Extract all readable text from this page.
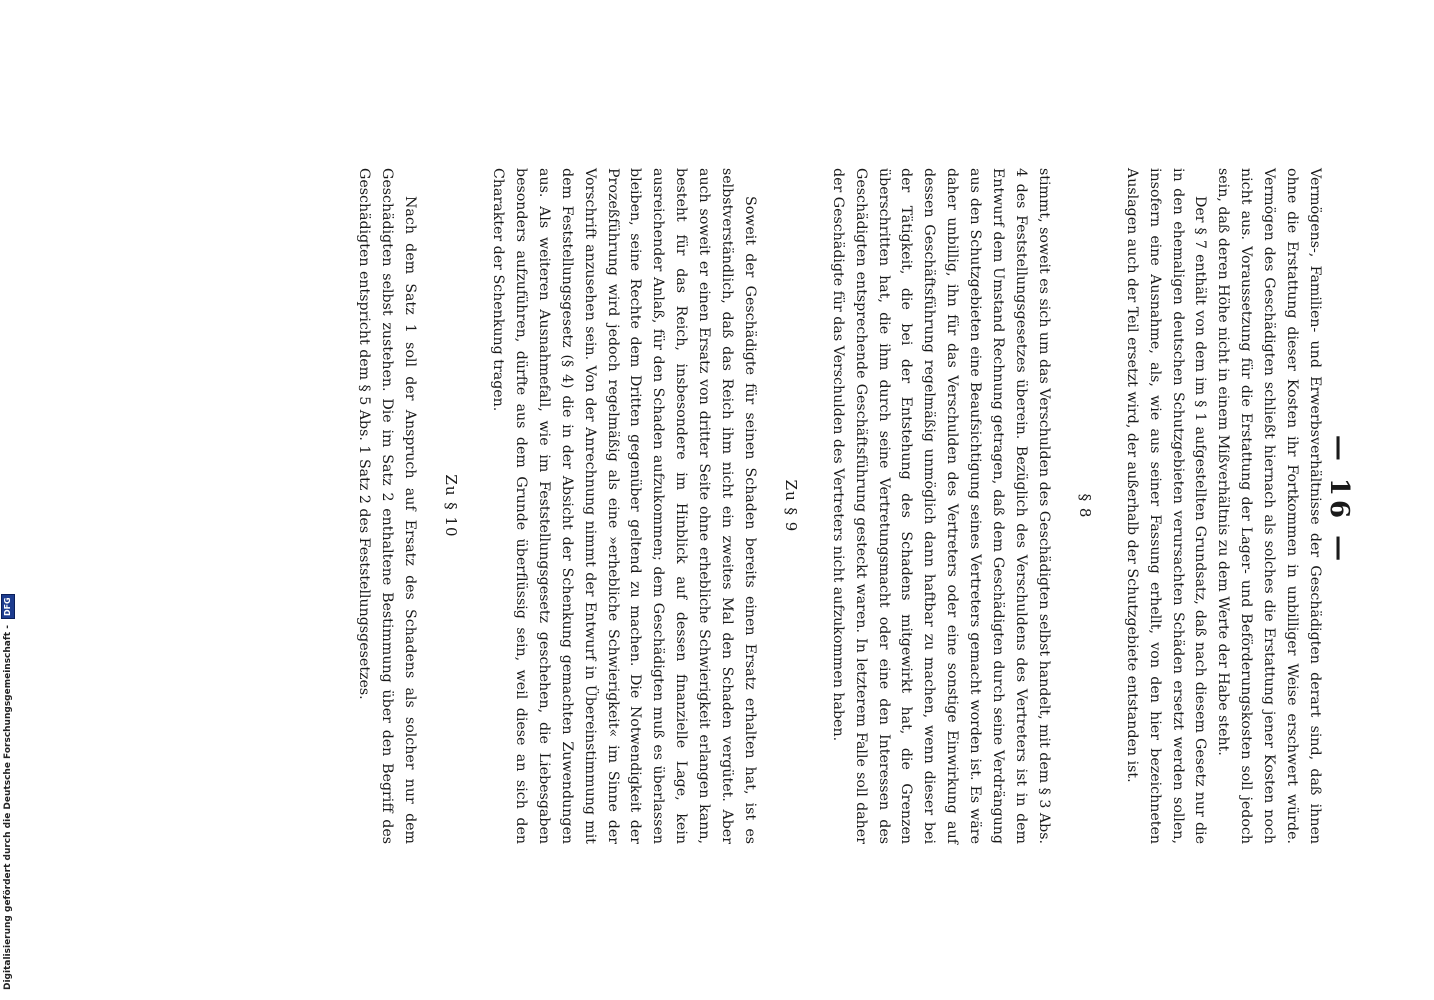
— 16 —

Vermögens-, Familien- und Erwerbsverhältnisse der Geschädigten derart sind, daß ihnen ohne die Erstattung dieser Kosten ihr Fortkommen in unbilliger Weise erschwert würde. Vermögen des Geschädigten schließt hiernach als solches die Erstattung jener Kosten noch nicht aus. Voraussetzung für die Erstattung der Lager- und Beförderungskosten soll jedoch sein, daß deren Höhe nicht in einem Mißverhältnis zu dem Werte der Habe steht.

Der § 7 enthält von dem im § 1 aufgestellten Grundsatz, daß nach diesem Gesetz nur die in den ehemaligen deutschen Schutzgebieten verursachten Schäden ersetzt werden sollen, insofern eine Ausnahme, als, wie aus seiner Fassung erhellt, von den hier bezeichneten Auslagen auch der Teil ersetzt wird, der außerhalb der Schutzgebiete entstanden ist.

§ 8

stimmt, soweit es sich um das Verschulden des Geschädigten selbst handelt, mit dem § 3 Abs. 4 des Feststellungsgesetzes überein. Bezüglich des Verschuldens des Vertreters ist in dem Entwurf dem Umstand Rechnung getragen, daß dem Geschädigten durch seine Verdrängung aus den Schutzgebieten eine Beaufsichtigung seines Vertreters gemacht worden ist. Es wäre daher unbillig, ihn für das Verschulden des Vertreters oder eine sonstige Einwirkung auf dessen Geschäftsführung regelmäßig unmöglich dann haftbar zu machen, wenn dieser bei der Tätigkeit, die bei der Entstehung des Schadens mitgewirkt hat, die Grenzen überschritten hat, die ihm durch seine Vertretungsmacht oder eine den Interessen des Geschädigten entsprechende Geschäftsführung gesteckt waren. In letzterem Falle soll daher der Geschädigte für das Verschulden des Vertreters nicht aufzukommen haben.

Zu § 9

Soweit der Geschädigte für seinen Schaden bereits einen Ersatz erhalten hat, ist es selbstverständlich, daß das Reich ihm nicht ein zweites Mal den Schaden vergütet. Aber auch soweit er einen Ersatz von dritter Seite ohne erhebliche Schwierigkeit erlangen kann, besteht für das Reich, insbesondere im Hinblick auf dessen finanzielle Lage, kein ausreichender Anlaß, für den Schaden aufzukommen; dem Geschädigten muß es überlassen bleiben, seine Rechte dem Dritten gegenüber geltend zu machen. Die Notwendigkeit der Prozeßführung wird jedoch regelmäßig als eine »erhebliche Schwierigkeit« im Sinne der Vorschrift anzusehen sein. Von der Anrechnung nimmt der Entwurf in Übereinstimmung mit dem Feststellungsgesetz (§ 4) die in der Absicht der Schenkung gemachten Zuwendungen aus. Als weiteren Ausnahmefall, wie im Feststellungsgesetz geschehen, die Liebesgaben besonders aufzuführen, dürfte aus dem Grunde überflüssig sein, weil diese an sich den Charakter der Schenkung tragen.

Zu § 10

Nach dem Satz 1 soll der Anspruch auf Ersatz des Schadens als solcher nur dem Geschädigten selbst zustehen. Die im Satz 2 enthaltene Bestimmung über den Begriff des Geschädigten entspricht dem § 5 Abs. 1 Satz 2 des Feststellungsgesetzes.

Digitalisierung gefördert durch die Deutsche Forschungsgemeinschaft -
DFG
